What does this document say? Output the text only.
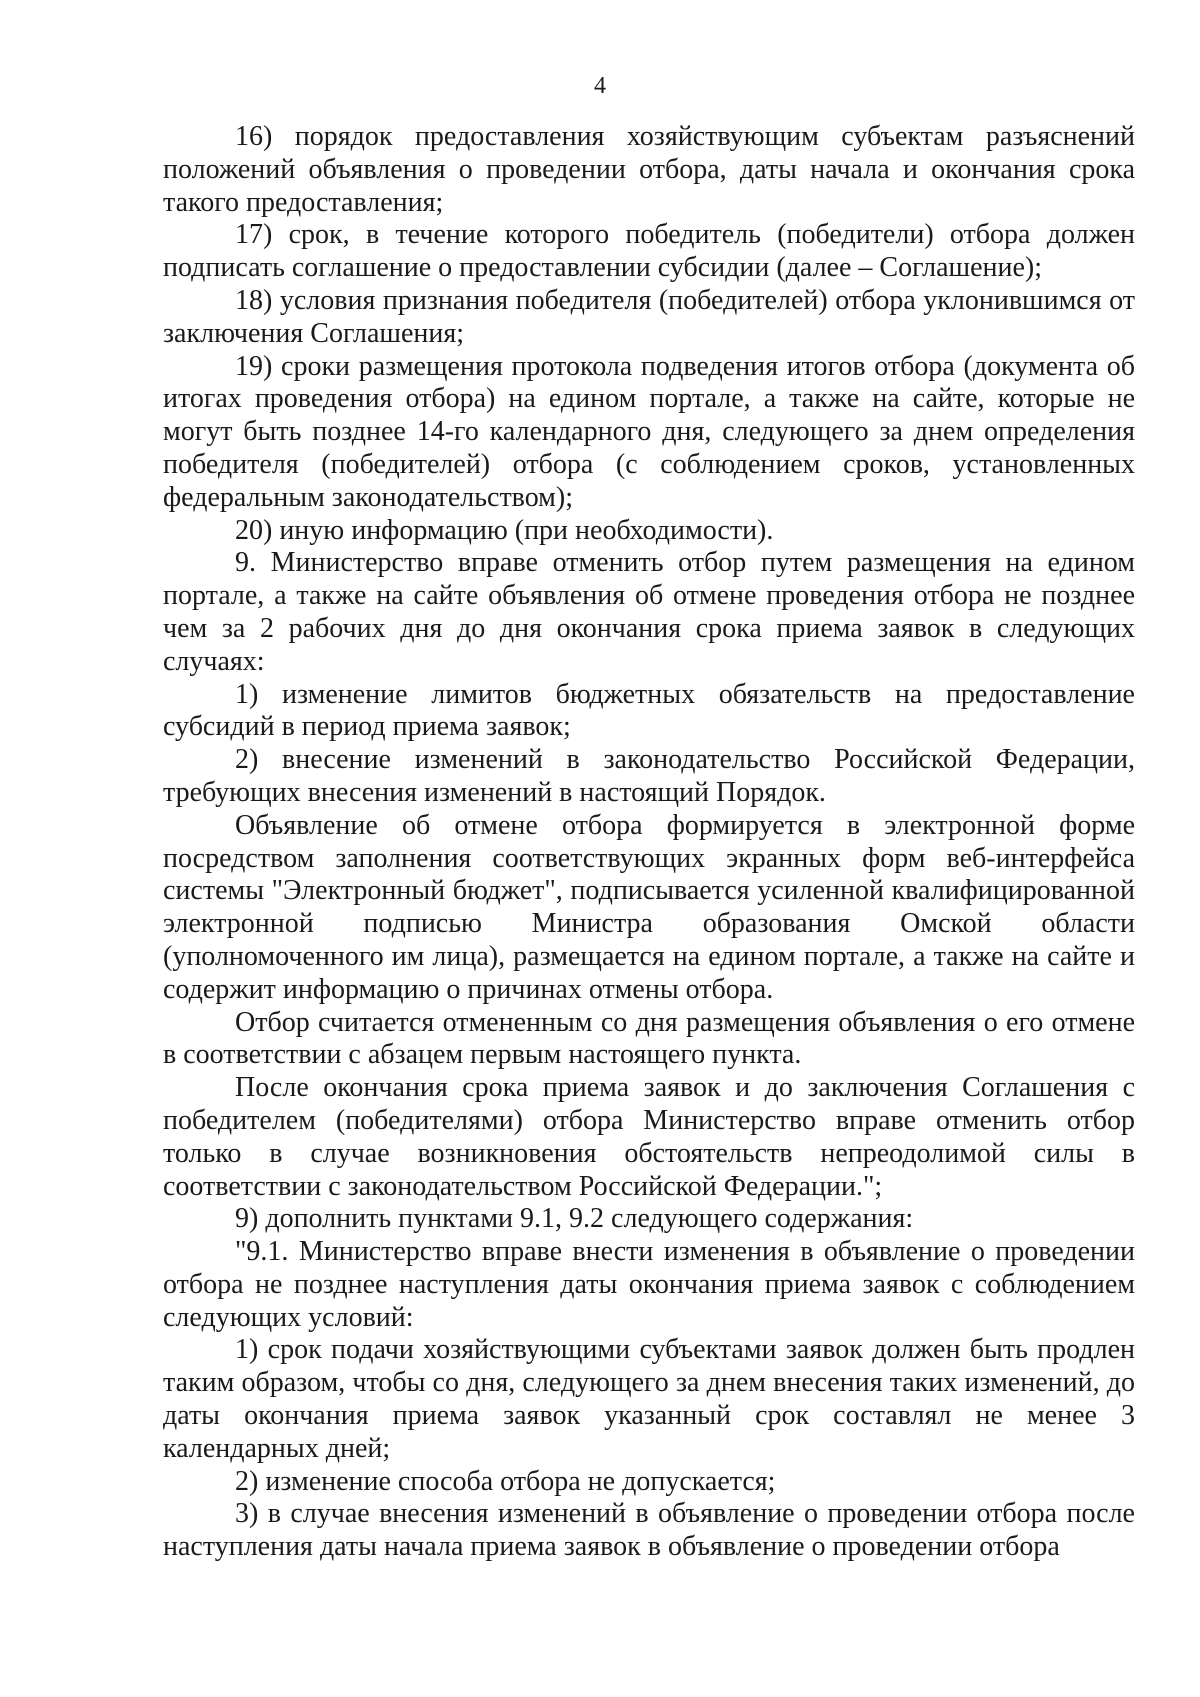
4

16) порядок предоставления хозяйствующим субъектам разъяснений положений объявления о проведении отбора, даты начала и окончания срока такого предоставления;

17) срок, в течение которого победитель (победители) отбора должен подписать соглашение о предоставлении субсидии (далее – Соглашение);

18) условия признания победителя (победителей) отбора уклонившимся от заключения Соглашения;

19) сроки размещения протокола подведения итогов отбора (документа об итогах проведения отбора) на едином портале, а также на сайте, которые не могут быть позднее 14-го календарного дня, следующего за днем определения победителя (победителей) отбора (с соблюдением сроков, установленных федеральным законодательством);

20) иную информацию (при необходимости).

9. Министерство вправе отменить отбор путем размещения на едином портале, а также на сайте объявления об отмене проведения отбора не позднее чем за 2 рабочих дня до дня окончания срока приема заявок в следующих случаях:

1) изменение лимитов бюджетных обязательств на предоставление субсидий в период приема заявок;

2) внесение изменений в законодательство Российской Федерации, требующих внесения изменений в настоящий Порядок.

Объявление об отмене отбора формируется в электронной форме посредством заполнения соответствующих экранных форм веб-интерфейса системы "Электронный бюджет", подписывается усиленной квалифицированной электронной подписью Министра образования Омской области (уполномоченного им лица), размещается на едином портале, а также на сайте и содержит информацию о причинах отмены отбора.

Отбор считается отмененным со дня размещения объявления о его отмене в соответствии с абзацем первым настоящего пункта.

После окончания срока приема заявок и до заключения Соглашения с победителем (победителями) отбора Министерство вправе отменить отбор только в случае возникновения обстоятельств непреодолимой силы в соответствии с законодательством Российской Федерации.";

9) дополнить пунктами 9.1, 9.2 следующего содержания:

"9.1. Министерство вправе внести изменения в объявление о проведении отбора не позднее наступления даты окончания приема заявок с соблюдением следующих условий:

1) срок подачи хозяйствующими субъектами заявок должен быть продлен таким образом, чтобы со дня, следующего за днем внесения таких изменений, до даты окончания приема заявок указанный срок составлял не менее 3 календарных дней;

2) изменение способа отбора не допускается;

3) в случае внесения изменений в объявление о проведении отбора после наступления даты начала приема заявок в объявление о проведении отбора
